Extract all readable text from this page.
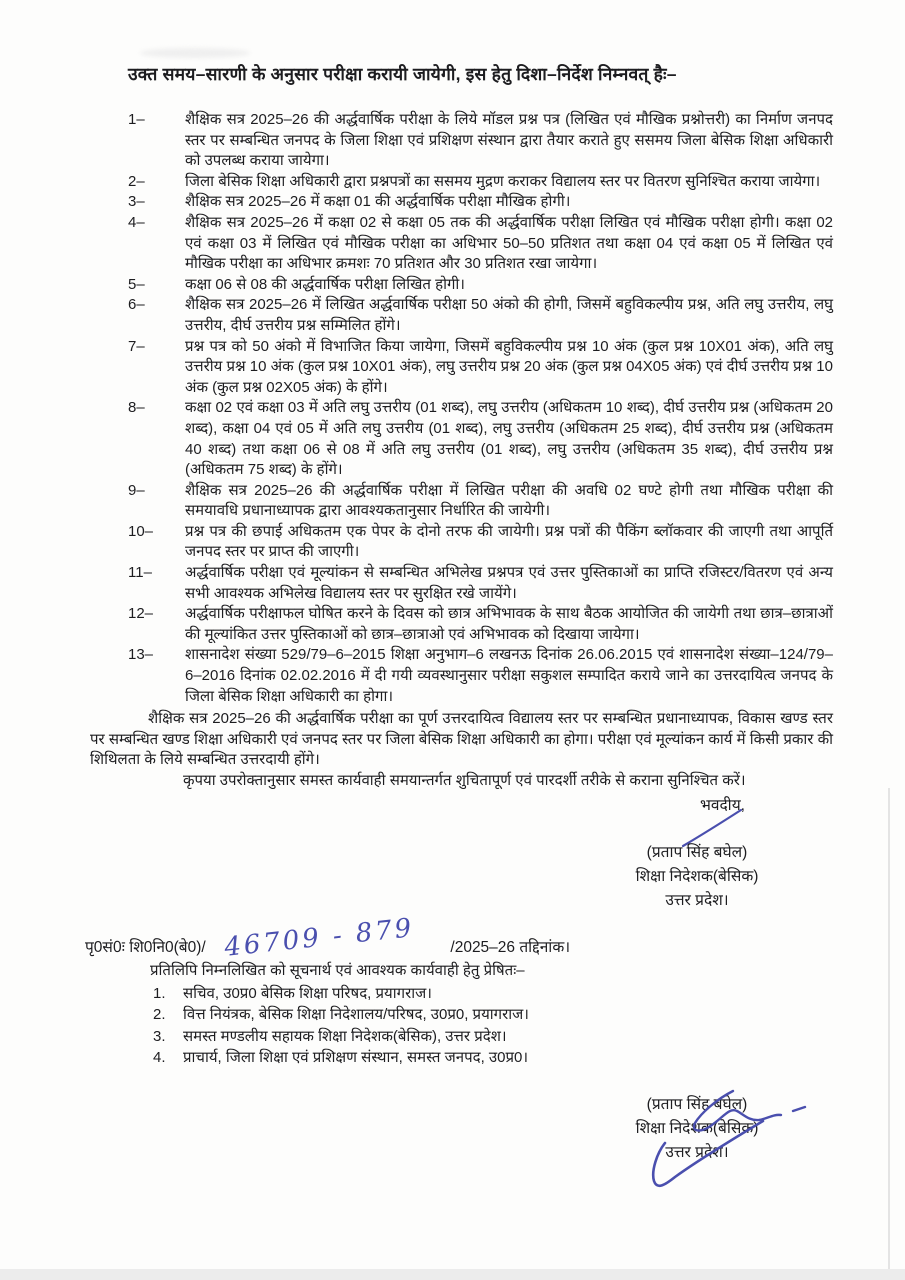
उक्त समय–सारणी के अनुसार परीक्षा करायी जायेगी, इस हेतु दिशा–निर्देश निम्नवत् हैः–

1–	शैक्षिक सत्र 2025–26 की अर्द्धवार्षिक परीक्षा के लिये मॉडल प्रश्न पत्र (लिखित एवं मौखिक प्रश्नोत्तरी) का निर्माण जनपद स्तर पर सम्बन्धित जनपद के जिला शिक्षा एवं प्रशिक्षण संस्थान द्वारा तैयार कराते हुए ससमय जिला बेसिक शिक्षा अधिकारी को उपलब्ध कराया जायेगा।
2–	जिला बेसिक शिक्षा अधिकारी द्वारा प्रश्नपत्रों का ससमय मुद्रण कराकर विद्यालय स्तर पर वितरण सुनिश्चित कराया जायेगा।
3–	शैक्षिक सत्र 2025–26 में कक्षा 01 की अर्द्धवार्षिक परीक्षा मौखिक होगी।
4–	शैक्षिक सत्र 2025–26 में कक्षा 02 से कक्षा 05 तक की अर्द्धवार्षिक परीक्षा लिखित एवं मौखिक परीक्षा होगी। कक्षा 02 एवं कक्षा 03 में लिखित एवं मौखिक परीक्षा का अधिभार 50–50 प्रतिशत तथा कक्षा 04 एवं कक्षा 05 में लिखित एवं मौखिक परीक्षा का अधिभार क्रमशः 70 प्रतिशत और 30 प्रतिशत रखा जायेगा।
5–	कक्षा 06 से 08 की अर्द्धवार्षिक परीक्षा लिखित होगी।
6–	शैक्षिक सत्र 2025–26 में लिखित अर्द्धवार्षिक परीक्षा 50 अंको की होगी, जिसमें बहुविकल्पीय प्रश्न, अति लघु उत्तरीय, लघु उत्तरीय, दीर्घ उत्तरीय प्रश्न सम्मिलित होंगे।
7–	प्रश्न पत्र को 50 अंको में विभाजित किया जायेगा, जिसमें बहुविकल्पीय प्रश्न 10 अंक (कुल प्रश्न 10X01 अंक), अति लघु उत्तरीय प्रश्न 10 अंक (कुल प्रश्न 10X01 अंक), लघु उत्तरीय प्रश्न 20 अंक (कुल प्रश्न 04X05 अंक) एवं दीर्घ उत्तरीय प्रश्न 10 अंक (कुल प्रश्न 02X05 अंक) के होंगे।
8–	कक्षा 02 एवं कक्षा 03 में अति लघु उत्तरीय (01 शब्द), लघु उत्तरीय (अधिकतम 10 शब्द), दीर्घ उत्तरीय प्रश्न (अधिकतम 20 शब्द), कक्षा 04 एवं 05 में अति लघु उत्तरीय (01 शब्द), लघु उत्तरीय (अधिकतम 25 शब्द), दीर्घ उत्तरीय प्रश्न (अधिकतम 40 शब्द) तथा कक्षा 06 से 08 में अति लघु उत्तरीय (01 शब्द), लघु उत्तरीय (अधिकतम 35 शब्द), दीर्घ उत्तरीय प्रश्न (अधिकतम 75 शब्द) के होंगे।
9–	शैक्षिक सत्र 2025–26 की अर्द्धवार्षिक परीक्षा में लिखित परीक्षा की अवधि 02 घण्टे होगी तथा मौखिक परीक्षा की समयावधि प्रधानाध्यापक द्वारा आवश्यकतानुसार निर्धारित की जायेगी।
10–	प्रश्न पत्र की छपाई अधिकतम एक पेपर के दोनो तरफ की जायेगी। प्रश्न पत्रों की पैकिंग ब्लॉकवार की जाएगी तथा आपूर्ति जनपद स्तर पर प्राप्त की जाएगी।
11–	अर्द्धवार्षिक परीक्षा एवं मूल्यांकन से सम्बन्धित अभिलेख प्रश्नपत्र एवं उत्तर पुस्तिकाओं का प्राप्ति रजिस्टर/वितरण एवं अन्य सभी आवश्यक अभिलेख विद्यालय स्तर पर सुरक्षित रखे जायेंगे।
12–	अर्द्धवार्षिक परीक्षाफल घोषित करने के दिवस को छात्र अभिभावक के साथ बैठक आयोजित की जायेगी तथा छात्र–छात्राओं की मूल्यांकित उत्तर पुस्तिकाओं को छात्र–छात्राओ एवं अभिभावक को दिखाया जायेगा।
13–	शासनादेश संख्या 529/79–6–2015 शिक्षा अनुभाग–6 लखनऊ दिनांक 26.06.2015 एवं शासनादेश संख्या–124/79–6–2016 दिनांक 02.02.2016 में दी गयी व्यवस्थानुसार परीक्षा सकुशल सम्पादित कराये जाने का उत्तरदायित्व जनपद के जिला बेसिक शिक्षा अधिकारी का होगा।

शैक्षिक सत्र 2025–26 की अर्द्धवार्षिक परीक्षा का पूर्ण उत्तरदायित्व विद्यालय स्तर पर सम्बन्धित प्रधानाध्यापक, विकास खण्ड स्तर पर सम्बन्धित खण्ड शिक्षा अधिकारी एवं जनपद स्तर पर जिला बेसिक शिक्षा अधिकारी का होगा। परीक्षा एवं मूल्यांकन कार्य में किसी प्रकार की शिथिलता के लिये सम्बन्धित उत्तरदायी होंगे।

कृपया उपरोक्तानुसार समस्त कार्यवाही समयान्तर्गत शुचितापूर्ण एवं पारदर्शी तरीके से कराना सुनिश्चित करें।

भवदीय,
(प्रताप सिंह बघेल)
शिक्षा निदेशक(बेसिक)
उत्तर प्रदेश।
पृ0सं0ः शि0नि0(बे0)/ 46709 - 879 /2025–26 तद्दिनांक।
प्रतिलिपि निम्नलिखित को सूचनार्थ एवं आवश्यक कार्यवाही हेतु प्रेषितः–
1.	सचिव, उ0प्र0 बेसिक शिक्षा परिषद, प्रयागराज।
2.	वित्त नियंत्रक, बेसिक शिक्षा निदेशालय/परिषद, उ0प्र0, प्रयागराज।
3.	समस्त मण्डलीय सहायक शिक्षा निदेशक(बेसिक), उत्तर प्रदेश।
4.	प्राचार्य, जिला शिक्षा एवं प्रशिक्षण संस्थान, समस्त जनपद, उ0प्र0।
(प्रताप सिंह बघेल)
शिक्षा निदेशक(बेसिक)
उत्तर प्रदेश।
